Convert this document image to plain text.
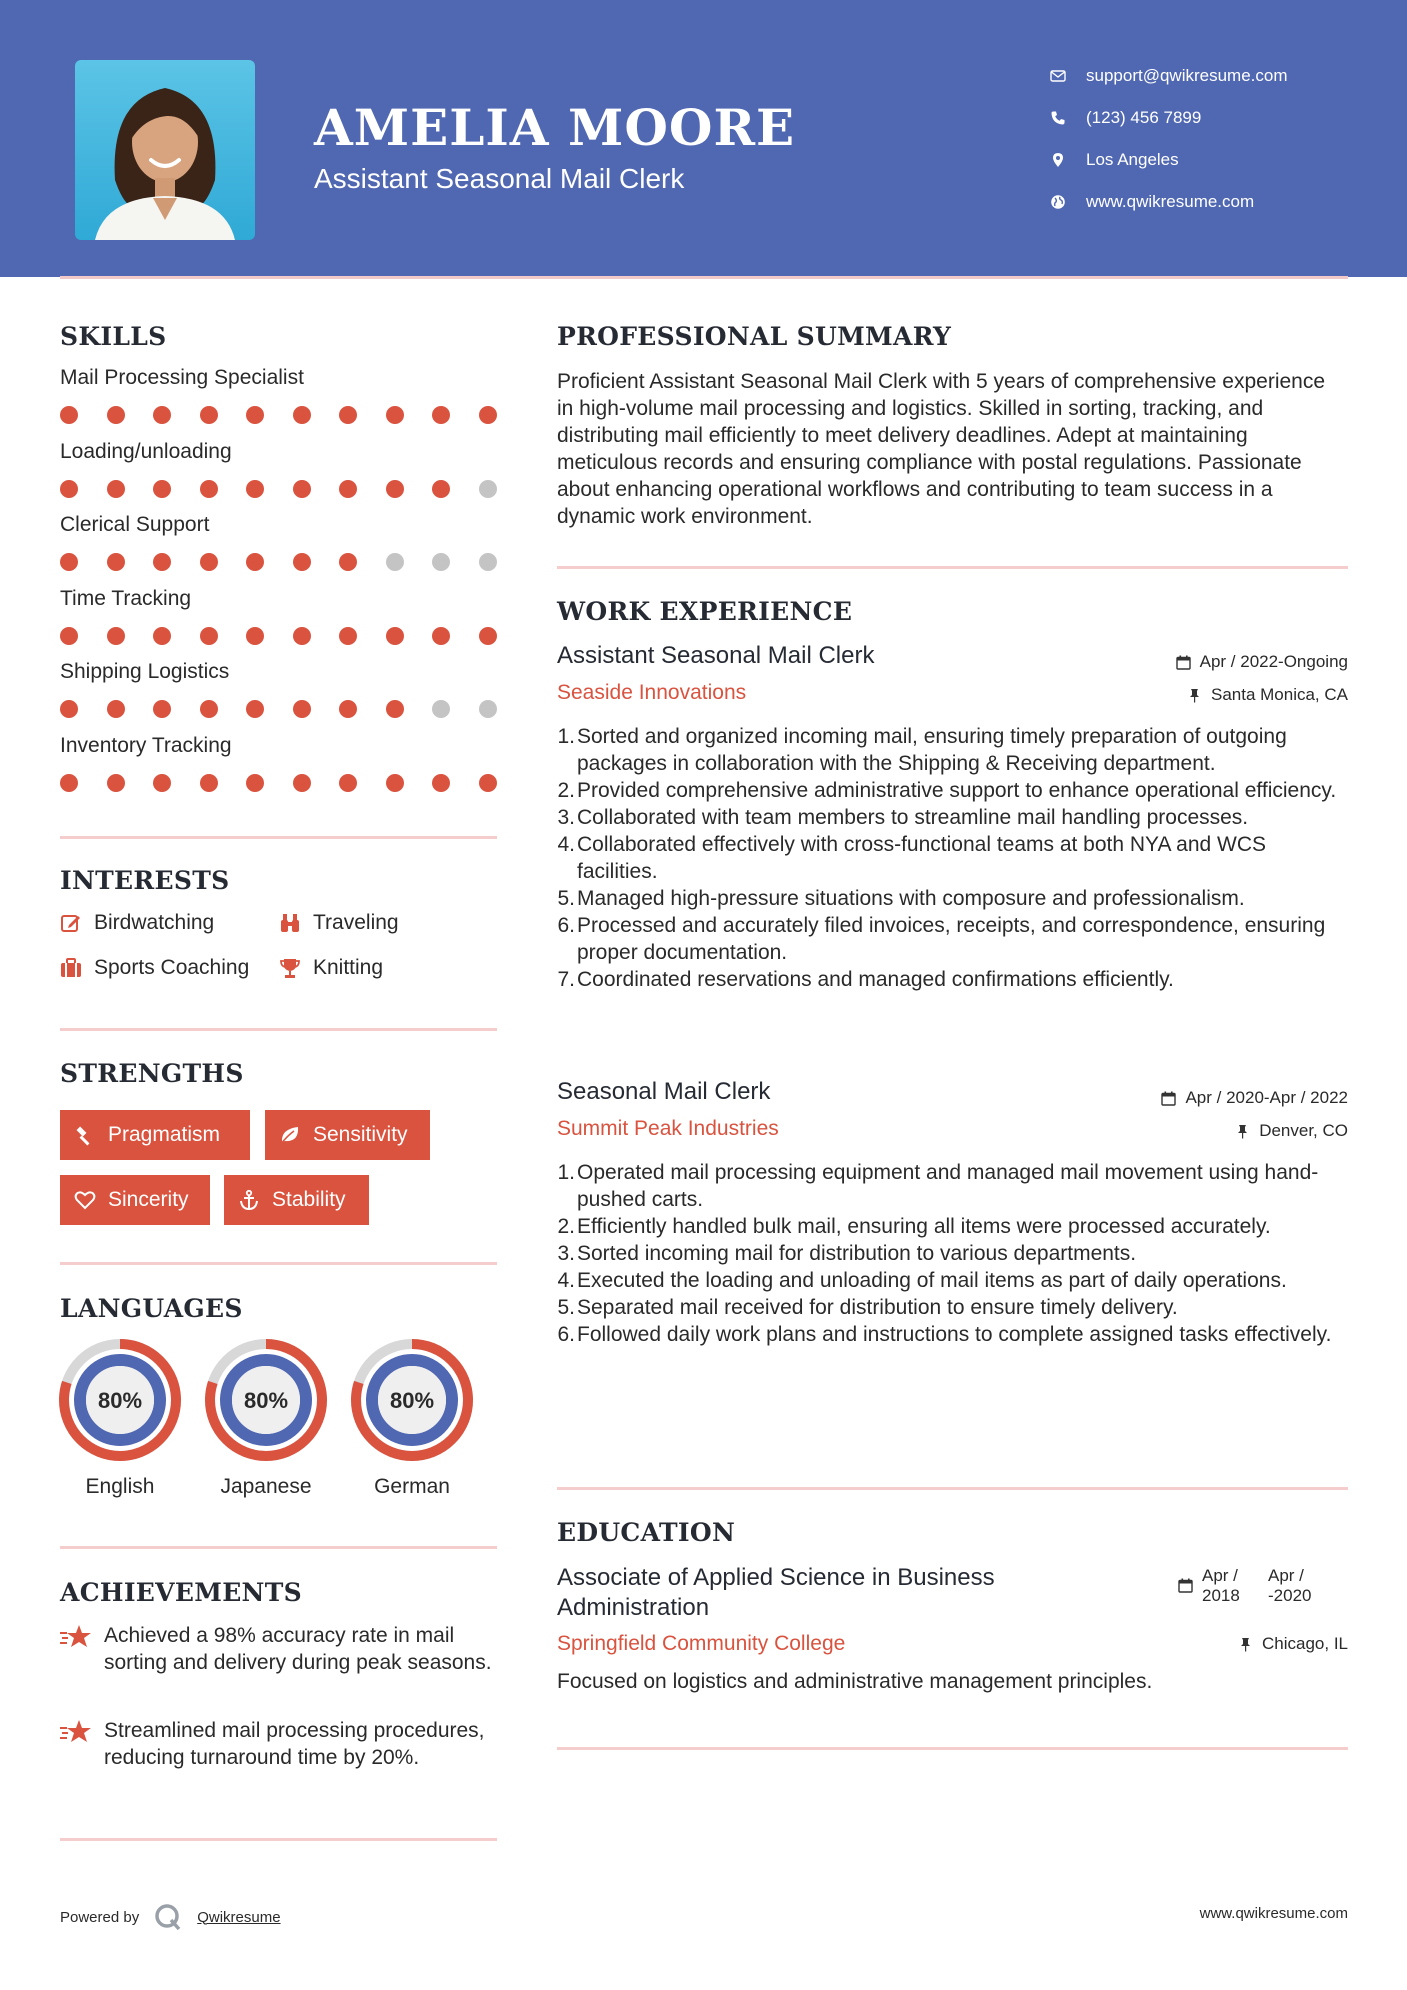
AMELIA MOORE
Assistant Seasonal Mail Clerk
support@qwikresume.com
(123) 456 7899
Los Angeles
www.qwikresume.com
SKILLS
Mail Processing Specialist
Loading/unloading
Clerical Support
Time Tracking
Shipping Logistics
Inventory Tracking
INTERESTS
Birdwatching	Traveling
Sports Coaching	Knitting
STRENGTHS
Pragmatism	Sensitivity
Sincerity	Stability
LANGUAGES
80%
English
80%
Japanese
80%
German
ACHIEVEMENTS
Achieved a 98% accuracy rate in mail sorting and delivery during peak seasons.
Streamlined mail processing procedures, reducing turnaround time by 20%.
PROFESSIONAL SUMMARY
Proficient Assistant Seasonal Mail Clerk with 5 years of comprehensive experience in high-volume mail processing and logistics. Skilled in sorting, tracking, and distributing mail efficiently to meet delivery deadlines. Adept at maintaining meticulous records and ensuring compliance with postal regulations. Passionate about enhancing operational workflows and contributing to team success in a dynamic work environment.
WORK EXPERIENCE
Assistant Seasonal Mail Clerk	Apr / 2022-Ongoing
Seaside Innovations	Santa Monica, CA
1. Sorted and organized incoming mail, ensuring timely preparation of outgoing packages in collaboration with the Shipping & Receiving department.
2. Provided comprehensive administrative support to enhance operational efficiency.
3. Collaborated with team members to streamline mail handling processes.
4. Collaborated effectively with cross-functional teams at both NYA and WCS facilities.
5. Managed high-pressure situations with composure and professionalism.
6. Processed and accurately filed invoices, receipts, and correspondence, ensuring proper documentation.
7. Coordinated reservations and managed confirmations efficiently.
Seasonal Mail Clerk	Apr / 2020-Apr / 2022
Summit Peak Industries	Denver, CO
1. Operated mail processing equipment and managed mail movement using hand-pushed carts.
2. Efficiently handled bulk mail, ensuring all items were processed accurately.
3. Sorted incoming mail for distribution to various departments.
4. Executed the loading and unloading of mail items as part of daily operations.
5. Separated mail received for distribution to ensure timely delivery.
6. Followed daily work plans and instructions to complete assigned tasks effectively.
EDUCATION
Associate of Applied Science in Business
Administration
Apr /
2018
Apr /
-2020
Springfield Community College	Chicago, IL
Focused on logistics and administrative management principles.
Powered by	Qwikresume	www.qwikresume.com
